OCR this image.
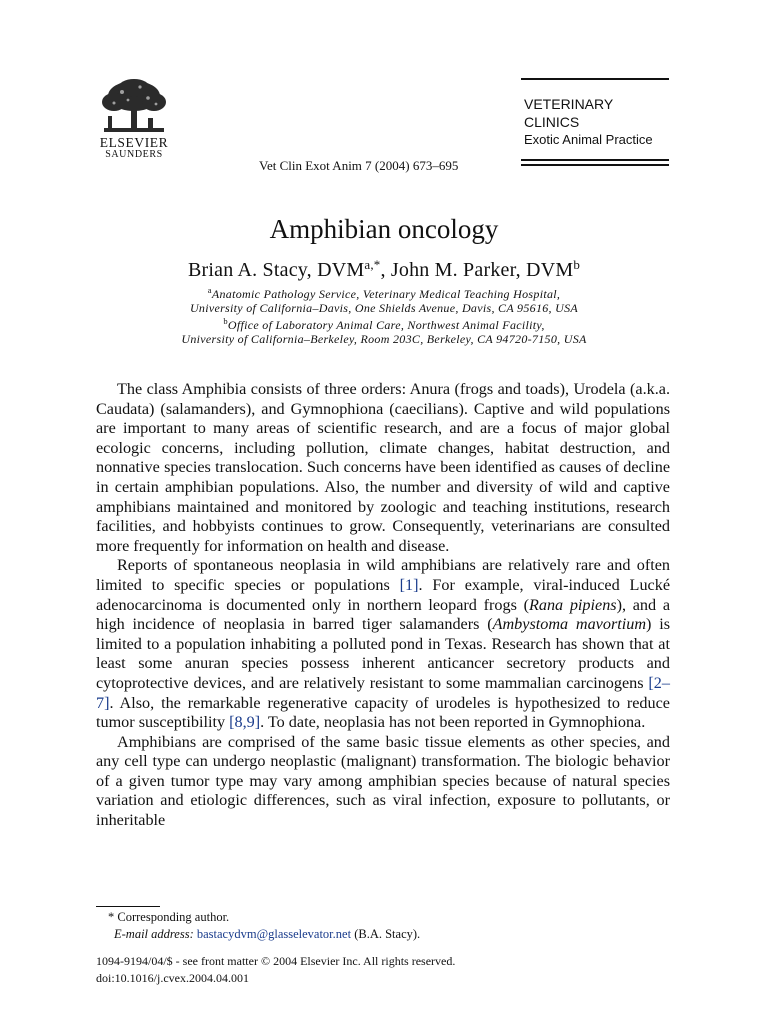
ELSEVIER
SAUNDERS
Vet Clin Exot Anim 7 (2004) 673–695
VETERINARY
CLINICS
Exotic Animal Practice
Amphibian oncology
Brian A. Stacy, $DVM^{a,*}$, John M. Parker, DVM$^b$
$^a$Anatomic Pathology Service, Veterinary Medical Teaching Hospital,
University of California–Davis, One Shields Avenue, Davis, CA 95616, USA
$^b$Office of Laboratory Animal Care, Northwest Animal Facility,
University of California–Berkeley, Room 203C, Berkeley, CA 94720-7150, USA

The class Amphibia consists of three orders: Anura (frogs and toads), Urodela (a.k.a. Caudata) (salamanders), and Gymnophiona (caecilians). Captive and wild populations are important to many areas of scientific research, and are a focus of major global ecologic concerns, including pollution, climate changes, habitat destruction, and nonnative species translocation. Such concerns have been identified as causes of decline in certain amphibian populations. Also, the number and diversity of wild and captive amphibians maintained and monitored by zoologic and teaching institutions, research facilities, and hobbyists continues to grow. Consequently, veterinarians are consulted more frequently for information on health and disease.

Reports of spontaneous neoplasia in wild amphibians are relatively rare and often limited to specific species or populations [1]. For example, viral-induced Lucké adenocarcinoma is documented only in northern leopard frogs (Rana pipiens), and a high incidence of neoplasia in barred tiger salamanders (Ambystoma mavortium) is limited to a population inhabiting a polluted pond in Texas. Research has shown that at least some anuran species possess inherent anticancer secretory products and cytoprotective devices, and are relatively resistant to some mammalian carcinogens [2–7]. Also, the remarkable regenerative capacity of urodeles is hypothesized to reduce tumor susceptibility [8,9]. To date, neoplasia has not been reported in Gymnophiona.

Amphibians are comprised of the same basic tissue elements as other species, and any cell type can undergo neoplastic (malignant) transformation. The biologic behavior of a given tumor type may vary among amphibian species because of natural species variation and etiologic differences, such as viral infection, exposure to pollutants, or inheritable

* Corresponding author.
E-mail address: bastacydvm@glasselevator.net (B.A. Stacy).
1094-9194/04/$ - see front matter © 2004 Elsevier Inc. All rights reserved.
doi:10.1016/j.cvex.2004.04.001
